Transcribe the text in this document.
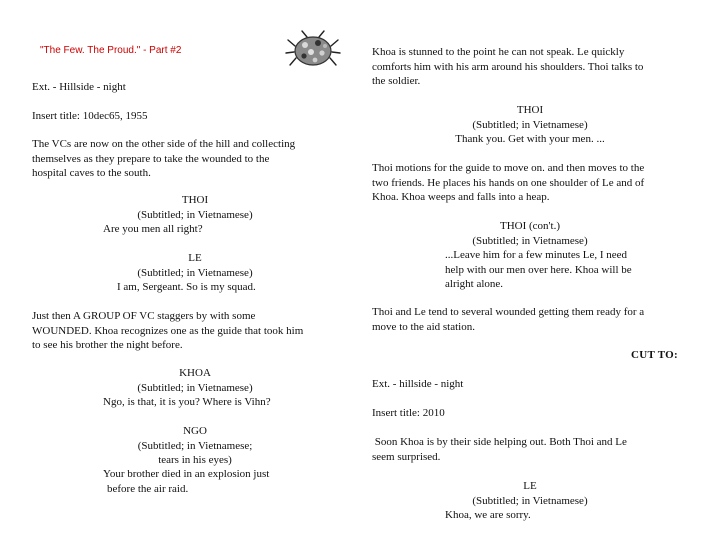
"The Few. The Proud." - Part #2
Ext. - Hillside - night
Insert title: 10dec65, 1955
The VCs are now on the other side of the hill and collecting
themselves as they prepare to take the wounded to the
hospital caves to the south.
THOI
(Subtitled; in Vietnamese)
Are you men all right?
LE
(Subtitled; in Vietnamese)
I am, Sergeant. So is my squad.
Just then A GROUP OF VC staggers by with some
WOUNDED. Khoa recognizes one as the guide that took him
to see his brother the night before.
KHOA
(Subtitled; in Vietnamese)
Ngo, is that, it is you? Where is Vihn?
NGO
(Subtitled; in Vietnamese;
tears in his eyes)
Your brother died in an explosion just
before the air raid.
Khoa is stunned to the point he can not speak. Le quickly
comforts him with his arm around his shoulders. Thoi talks to
the soldier.
THOI
(Subtitled; in Vietnamese)
Thank you. Get with your men. ...
Thoi motions for the guide to move on. and then moves to the
two friends. He places his hands on one shoulder of Le and of
Khoa. Khoa weeps and falls into a heap.
THOI (con't.)
(Subtitled; in Vietnamese)
...Leave him for a few minutes Le, I need
help with our men over here. Khoa will be
alright alone.
Thoi and Le tend to several wounded getting them ready for a
move to the aid station.
CUT TO:
Ext. - hillside - night
Insert title: 2010
Soon Khoa is by their side helping out. Both Thoi and Le
seem surprised.
LE
(Subtitled; in Vietnamese)
Khoa, we are sorry.
